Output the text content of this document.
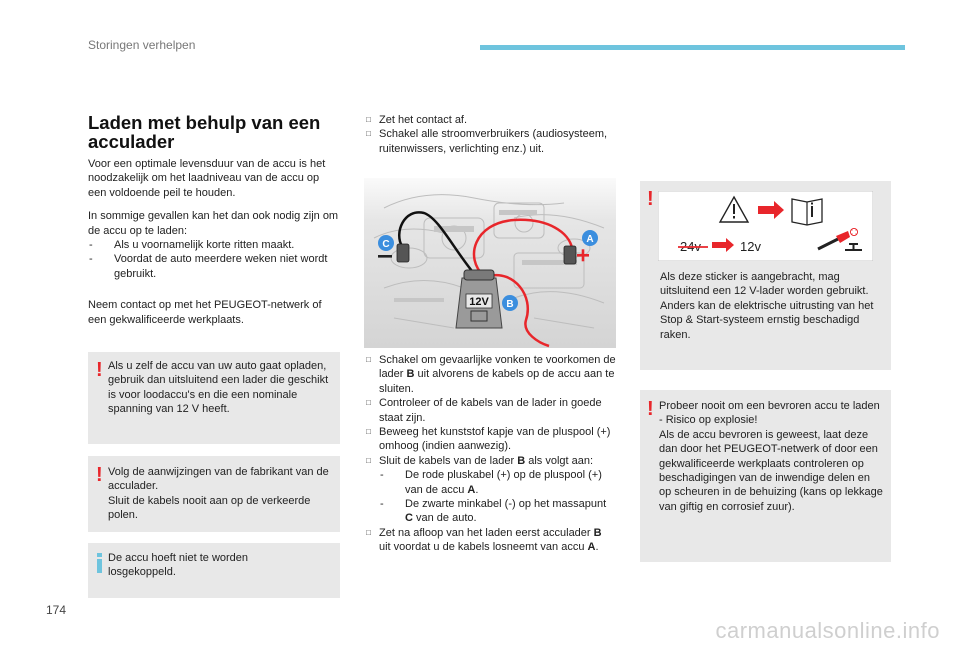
Storingen verhelpen
Laden met behulp van een acculader

Voor een optimale levensduur van de accu is het noodzakelijk om het laadniveau van de accu op een voldoende peil te houden.

In sommige gevallen kan het dan ook nodig zijn om de accu op te laden:

- Als u voornamelijk korte ritten maakt.
- Voordat de auto meerdere weken niet wordt gebruikt.

Neem contact op met het PEUGEOT-netwerk of een gekwalificeerde werkplaats.

! Als u zelf de accu van uw auto gaat opladen, gebruik dan uitsluitend een lader die geschikt is voor loodaccu's en die een nominale spanning van 12 V heeft.
! Volg de aanwijzingen van de fabrikant van de acculader.
Sluit de kabels nooit aan op de verkeerde polen.
De accu hoeft niet te worden losgekoppeld.
□ Zet het contact af.
□ Schakel alle stroomverbruikers (audiosysteem, ruitenwissers, verlichting enz.) uit.
12V
C	A
B
□ Schakel om gevaarlijke vonken te voorkomen de lader B uit alvorens de kabels op de accu aan te sluiten.
□ Controleer of de kabels van de lader in goede staat zijn.
□ Beweeg het kunststof kapje van de pluspool (+) omhoog (indien aanwezig).
□ Sluit de kabels van de lader B als volgt aan:
- De rode pluskabel (+) op de pluspool (+) van de accu A.
- De zwarte minkabel (-) op het massapunt C van de auto.
□ Zet na afloop van het laden eerst acculader B uit voordat u de kabels losneemt van accu A.
!
24v	12v
Als deze sticker is aangebracht, mag uitsluitend een 12 V-lader worden gebruikt. Anders kan de elektrische uitrusting van het Stop & Start-systeem ernstig beschadigd raken.
! Probeer nooit om een bevroren accu te laden - Risico op explosie!
Als de accu bevroren is geweest, laat deze dan door het PEUGEOT-netwerk of door een gekwalificeerde werkplaats controleren op beschadigingen van de inwendige delen en op scheuren in de behuizing (kans op lekkage van giftig en corrosief zuur).
174
carmanualsonline.info
